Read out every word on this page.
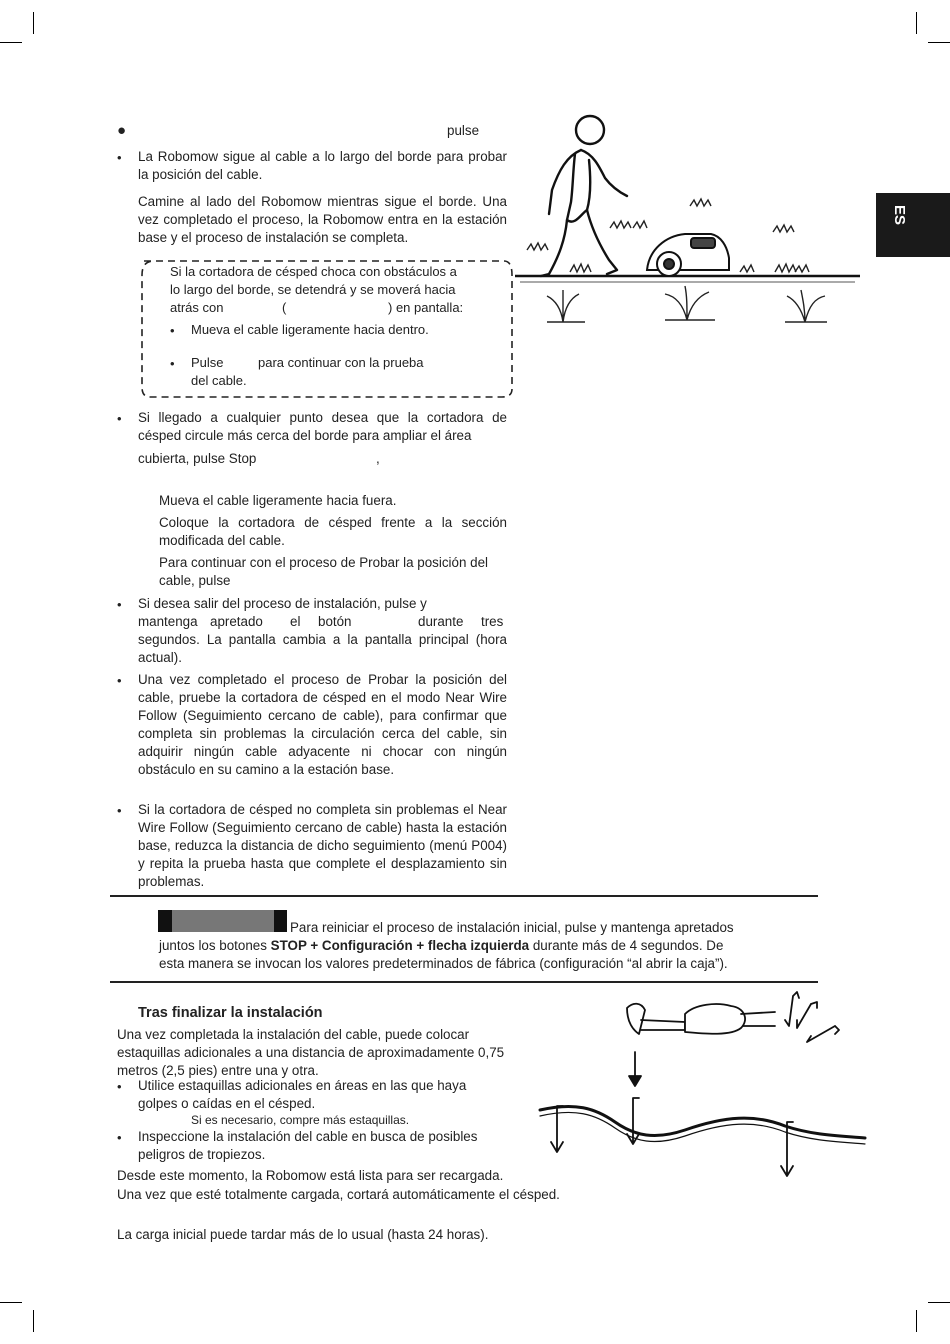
ES
●	pulse
• La Robomow sigue al cable a lo largo del borde para probar la posición del cable.
Camine al lado del Robomow mientras sigue el borde. Una vez completado el proceso, la Robomow entra en la estación base y el proceso de instalación se completa.
Si la cortadora de césped choca con obstáculos a
lo largo del borde, se detendrá y se moverá hacia
atrás con	(	) en pantalla:
• Mueva el cable ligeramente hacia dentro.
• Pulse	para continuar con la prueba
del cable.
• Si llegado a cualquier punto desea que la cortadora de césped circule más cerca del borde para ampliar el área
cubierta, pulse Stop	,
Mueva el cable ligeramente hacia fuera.
Coloque la cortadora de césped frente a la sección modificada del cable.
Para continuar con el proceso de Probar la posición del cable, pulse
• Si desea salir del proceso de instalación, pulse y
mantenga apretado el botón	durante tres
segundos. La pantalla cambia a la pantalla principal (hora actual).
• Una vez completado el proceso de Probar la posición del cable, pruebe la cortadora de césped en el modo Near Wire Follow (Seguimiento cercano de cable), para confirmar que completa sin problemas la circulación cerca del cable, sin adquirir ningún cable adyacente ni chocar con ningún obstáculo en su camino a la estación base.
• Si la cortadora de césped no completa sin problemas el Near Wire Follow (Seguimiento cercano de cable) hasta la estación base, reduzca la distancia de dicho seguimiento (menú P004) y repita la prueba hasta que complete el desplazamiento sin problemas.
Para reiniciar el proceso de instalación inicial, pulse y mantenga apretados
juntos los botones STOP + Configuración + flecha izquierda durante más de 4 segundos. De
esta manera se invocan los valores predeterminados de fábrica (configuración “al abrir la caja”).
Tras finalizar la instalación
Una vez completada la instalación del cable, puede colocar estaquillas adicionales a una distancia de aproximadamente 0,75 metros (2,5 pies) entre una y otra.
• Utilice estaquillas adicionales en áreas en las que haya golpes o caídas en el césped.
Si es necesario, compre más estaquillas.
• Inspeccione la instalación del cable en busca de posibles peligros de tropiezos.
Desde este momento, la Robomow está lista para ser recargada.
Una vez que esté totalmente cargada, cortará automáticamente el césped.
La carga inicial puede tardar más de lo usual (hasta 24 horas).
